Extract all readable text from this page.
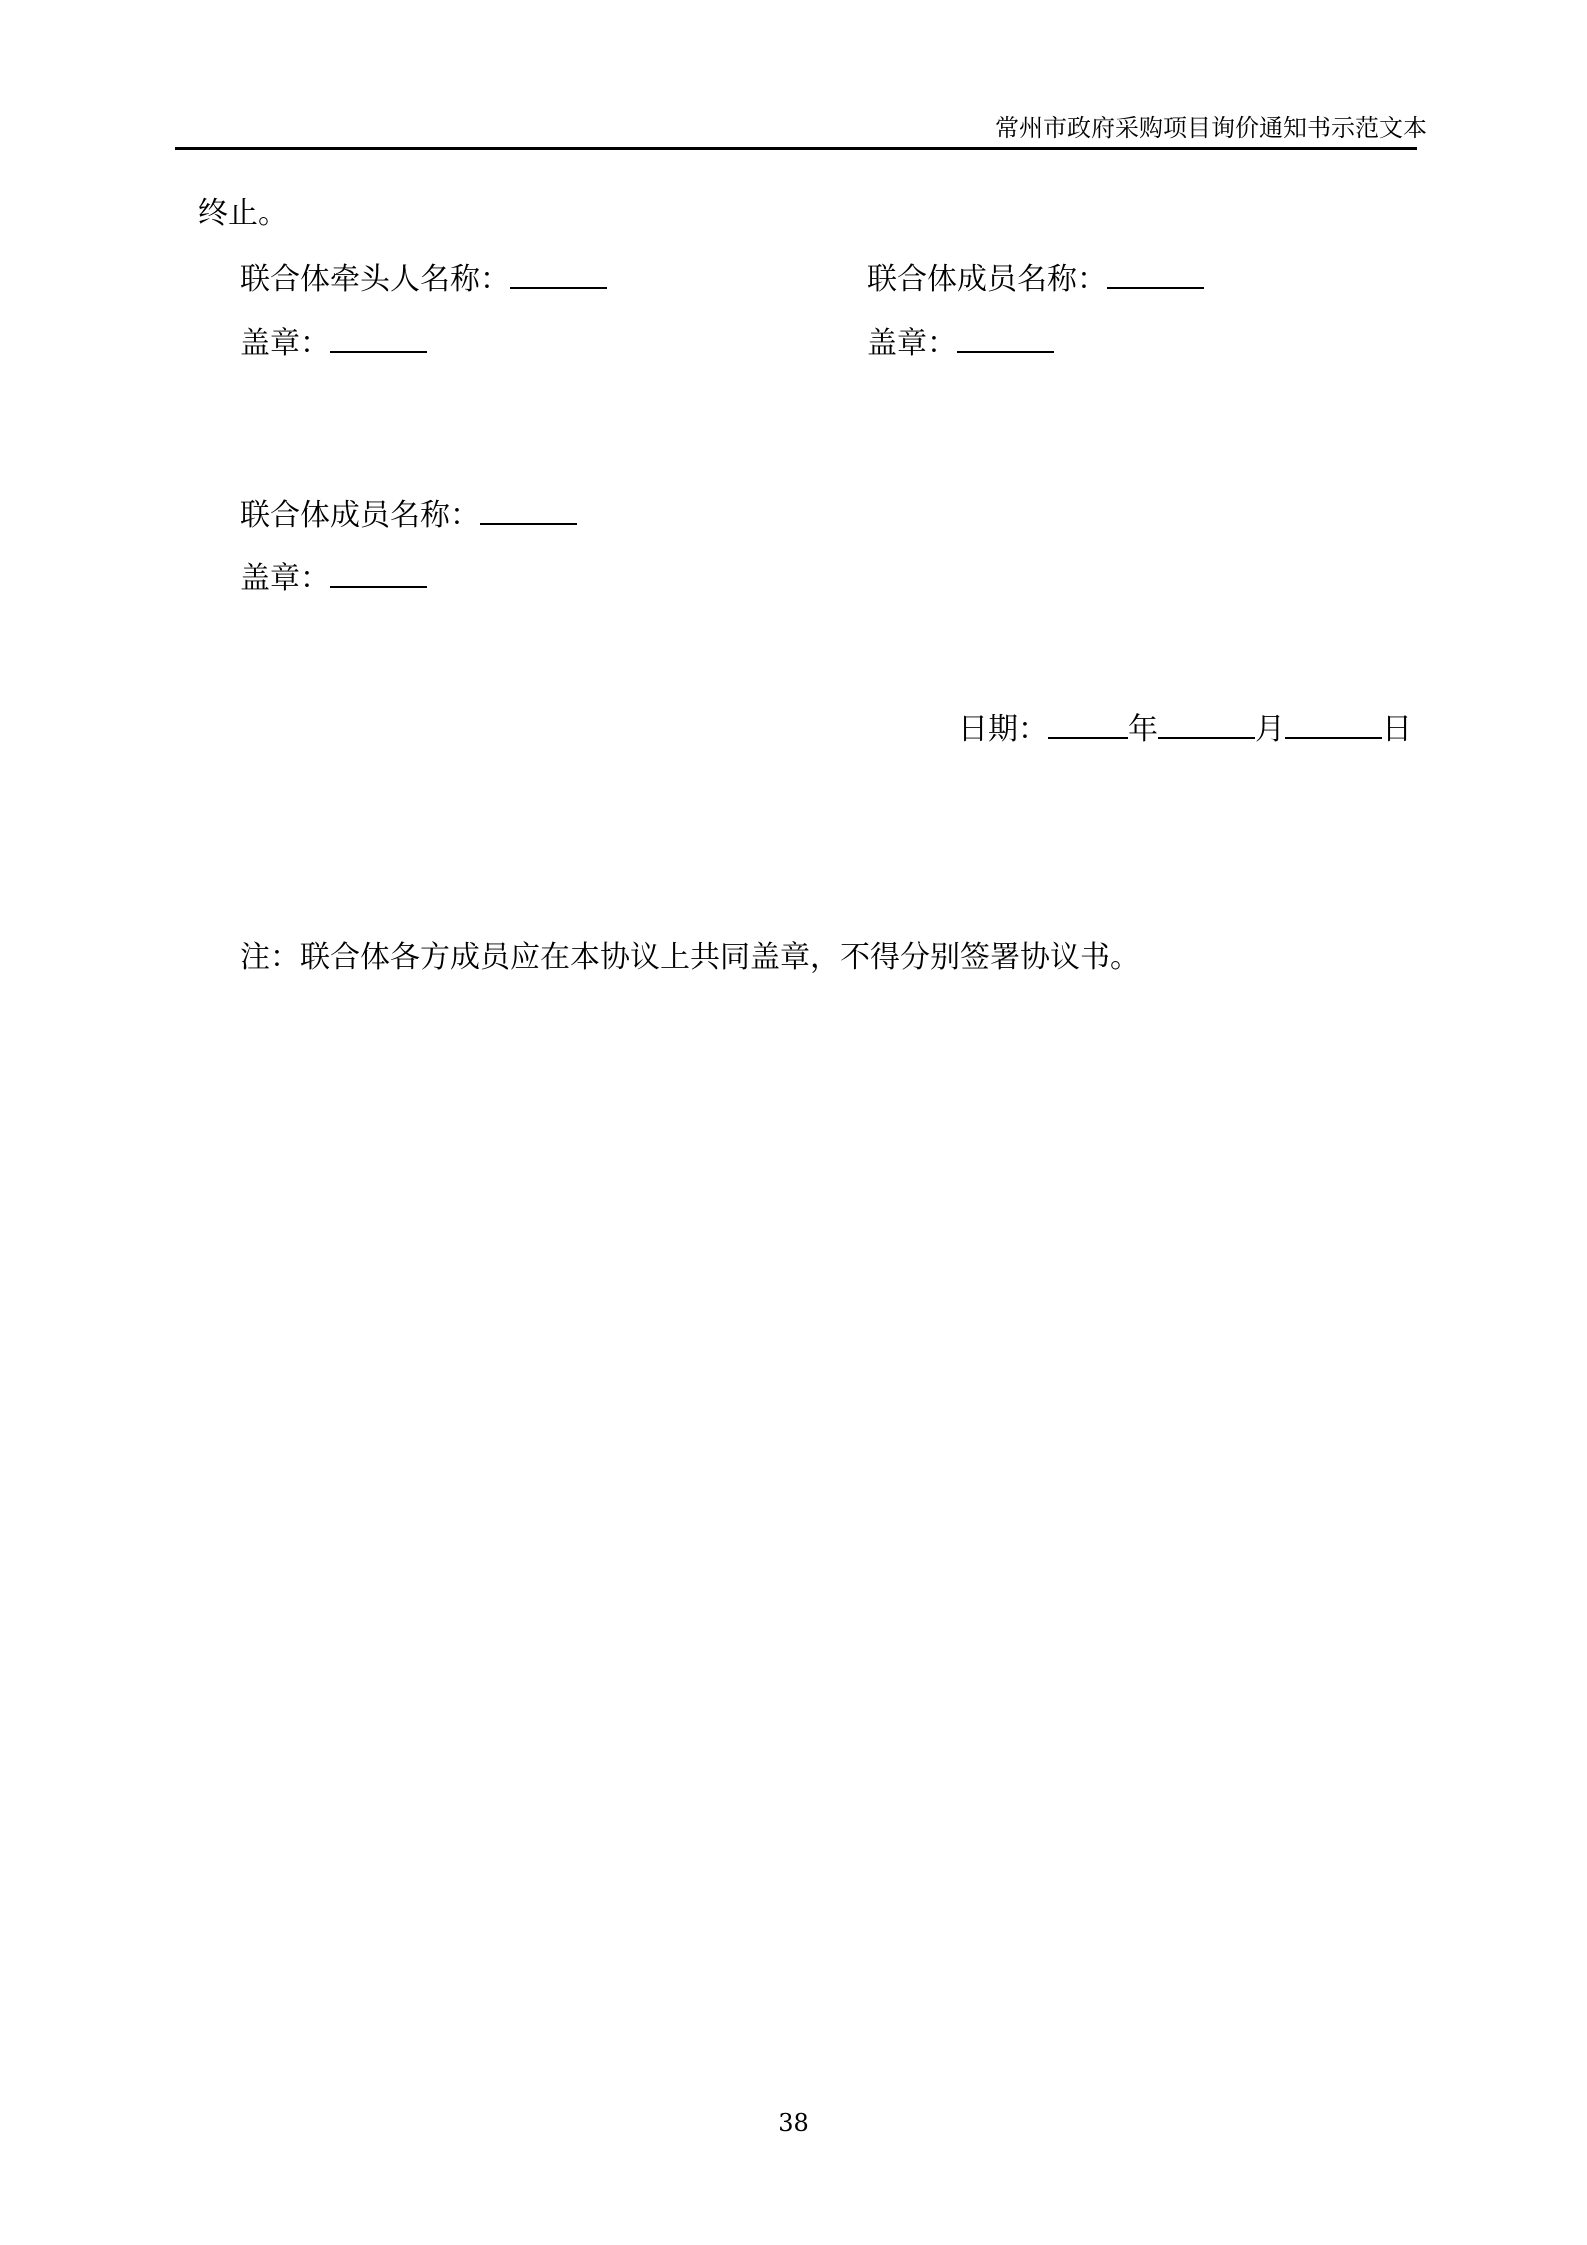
常州市政府采购项目询价通知书示范文本
终止。
联合体牵头人名称：	联合体成员名称：
盖章：	盖章：
联合体成员名称：
盖章：
日期：	年	月	日
注：联合体各方成员应在本协议上共同盖章，不得分别签署协议书。
38
